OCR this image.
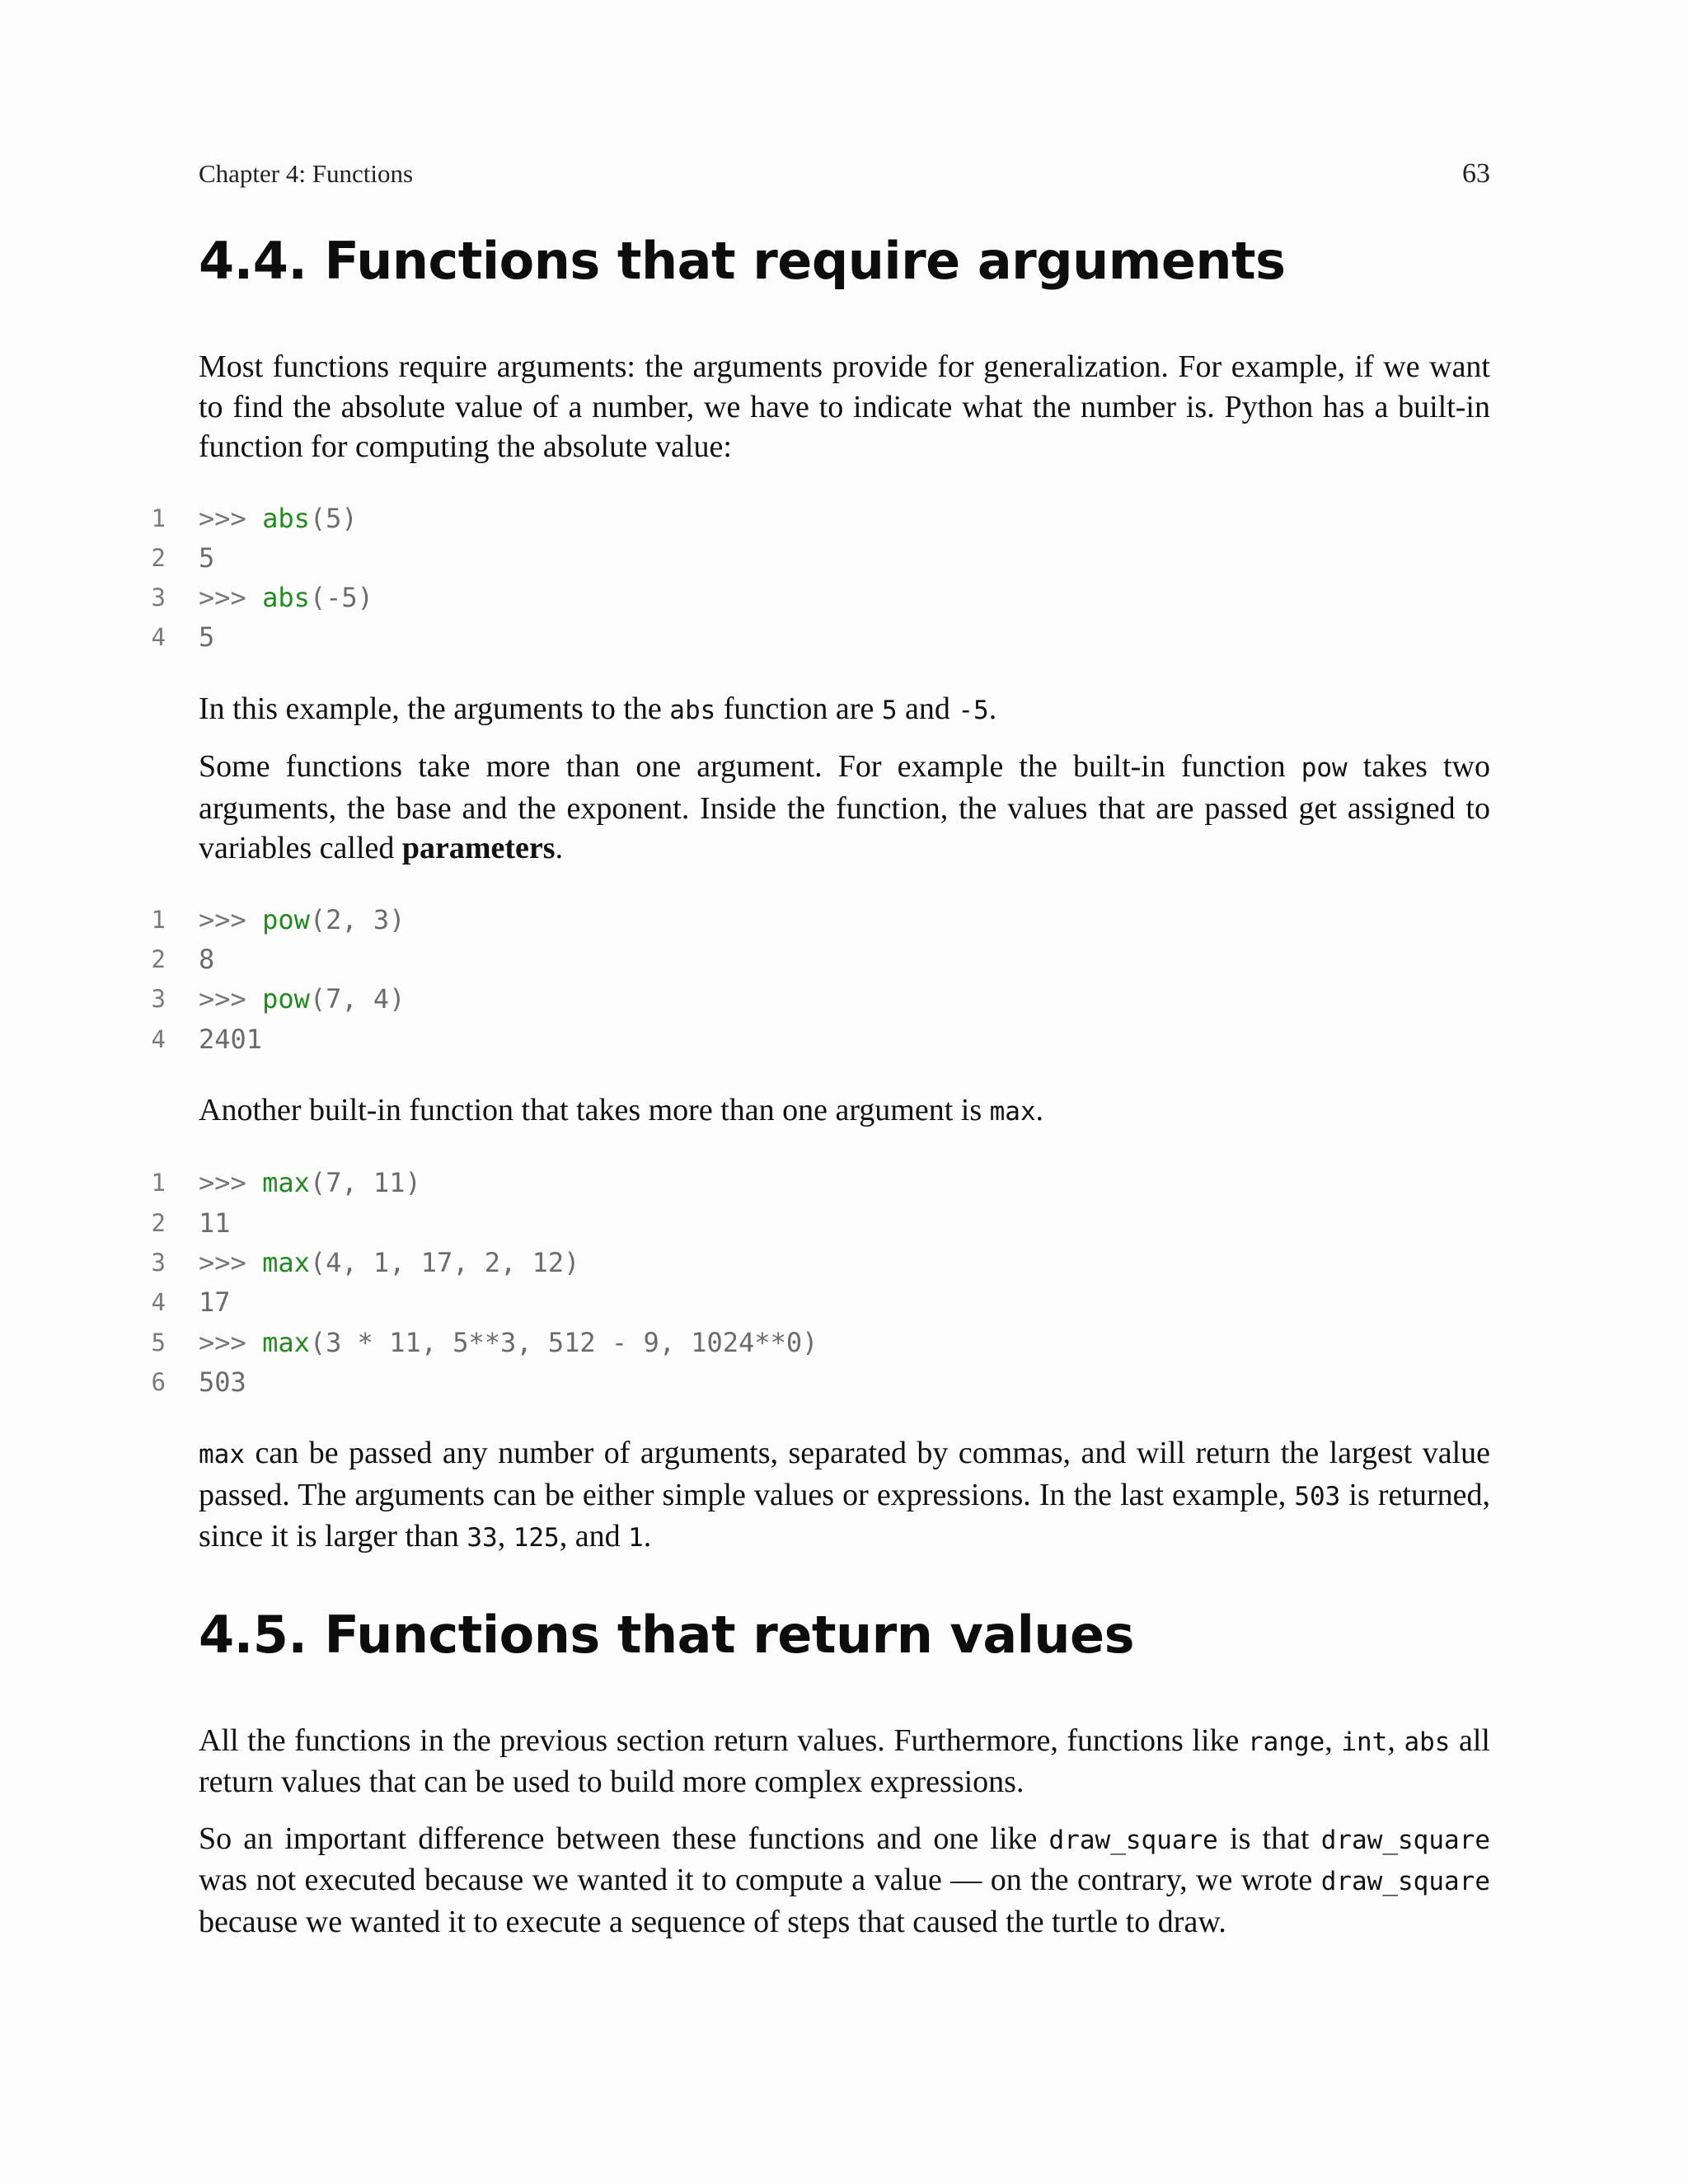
Chapter 4: Functions	63
4.4. Functions that require arguments

Most functions require arguments: the arguments provide for generalization. For example, if we want to find the absolute value of a number, we have to indicate what the number is. Python has a built-in function for computing the absolute value:

1	>>> abs(5)
2	5
3	>>> abs(-5)
4	5

In this example, the arguments to the abs function are 5 and -5.

Some functions take more than one argument. For example the built-in function pow takes two arguments, the base and the exponent. Inside the function, the values that are passed get assigned to variables called parameters.

1	>>> pow(2, 3)
2	8
3	>>> pow(7, 4)
4	2401

Another built-in function that takes more than one argument is max.

1	>>> max(7, 11)
2	11
3	>>> max(4, 1, 17, 2, 12)
4	17
5	>>> max(3 * 11, 5**3, 512 - 9, 1024**0)
6	503

max can be passed any number of arguments, separated by commas, and will return the largest value passed. The arguments can be either simple values or expressions. In the last example, 503 is returned, since it is larger than 33, 125, and 1.

4.5. Functions that return values

All the functions in the previous section return values. Furthermore, functions like range, int, abs all return values that can be used to build more complex expressions.

So an important difference between these functions and one like draw_square is that draw_square was not executed because we wanted it to compute a value — on the contrary, we wrote draw_square because we wanted it to execute a sequence of steps that caused the turtle to draw.
